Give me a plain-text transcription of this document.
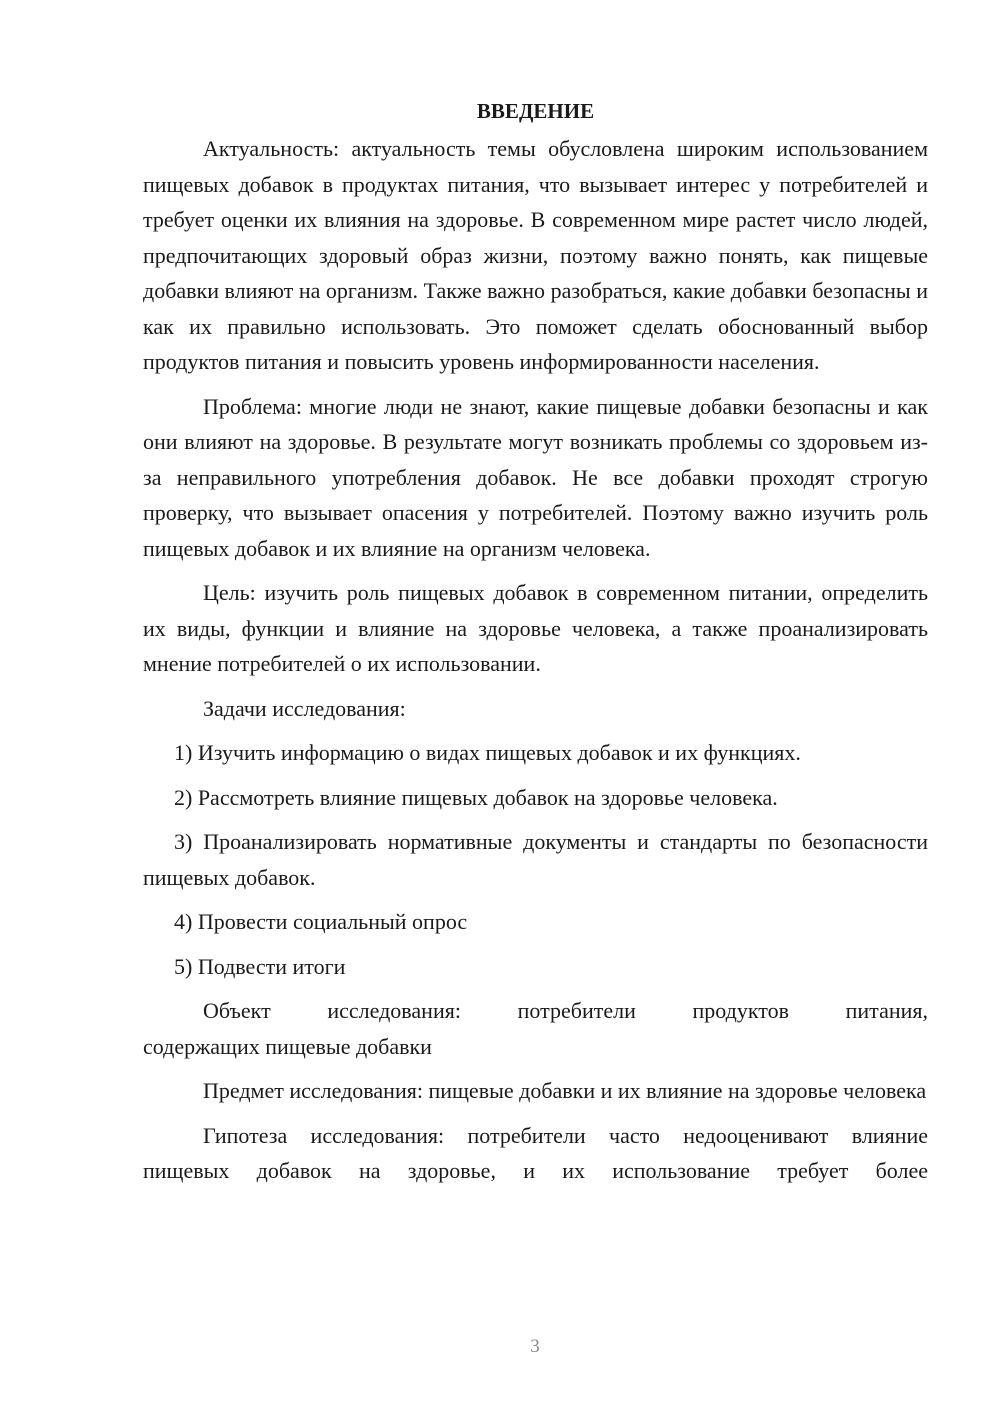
ВВЕДЕНИЕ

Актуальность: актуальность темы обусловлена широким использованием пищевых добавок в продуктах питания, что вызывает интерес у потребителей и требует оценки их влияния на здоровье. В современном мире растет число людей, предпочитающих здоровый образ жизни, поэтому важно понять, как пищевые добавки влияют на организм. Также важно разобраться, какие добавки безопасны и как их правильно использовать. Это поможет сделать обоснованный выбор продуктов питания и повысить уровень информированности населения.

Проблема: многие люди не знают, какие пищевые добавки безопасны и как они влияют на здоровье. В результате могут возникать проблемы со здоровьем из-за неправильного употребления добавок. Не все добавки проходят строгую проверку, что вызывает опасения у потребителей. Поэтому важно изучить роль пищевых добавок и их влияние на организм человека.

Цель: изучить роль пищевых добавок в современном питании, определить их виды, функции и влияние на здоровье человека, а также проанализировать мнение потребителей о их использовании.

Задачи исследования:

1) Изучить информацию о видах пищевых добавок и их функциях.

2) Рассмотреть влияние пищевых добавок на здоровье человека.

3) Проанализировать нормативные документы и стандарты по безопасности пищевых добавок.

4) Провести социальный опрос

5) Подвести итоги

Объект исследования: потребители продуктов питания,

содержащих пищевые добавки

Предмет исследования: пищевые добавки и их влияние на здоровье человека

Гипотеза исследования: потребители часто недооценивают влияние

пищевых добавок на здоровье, и их использование требует более

3
